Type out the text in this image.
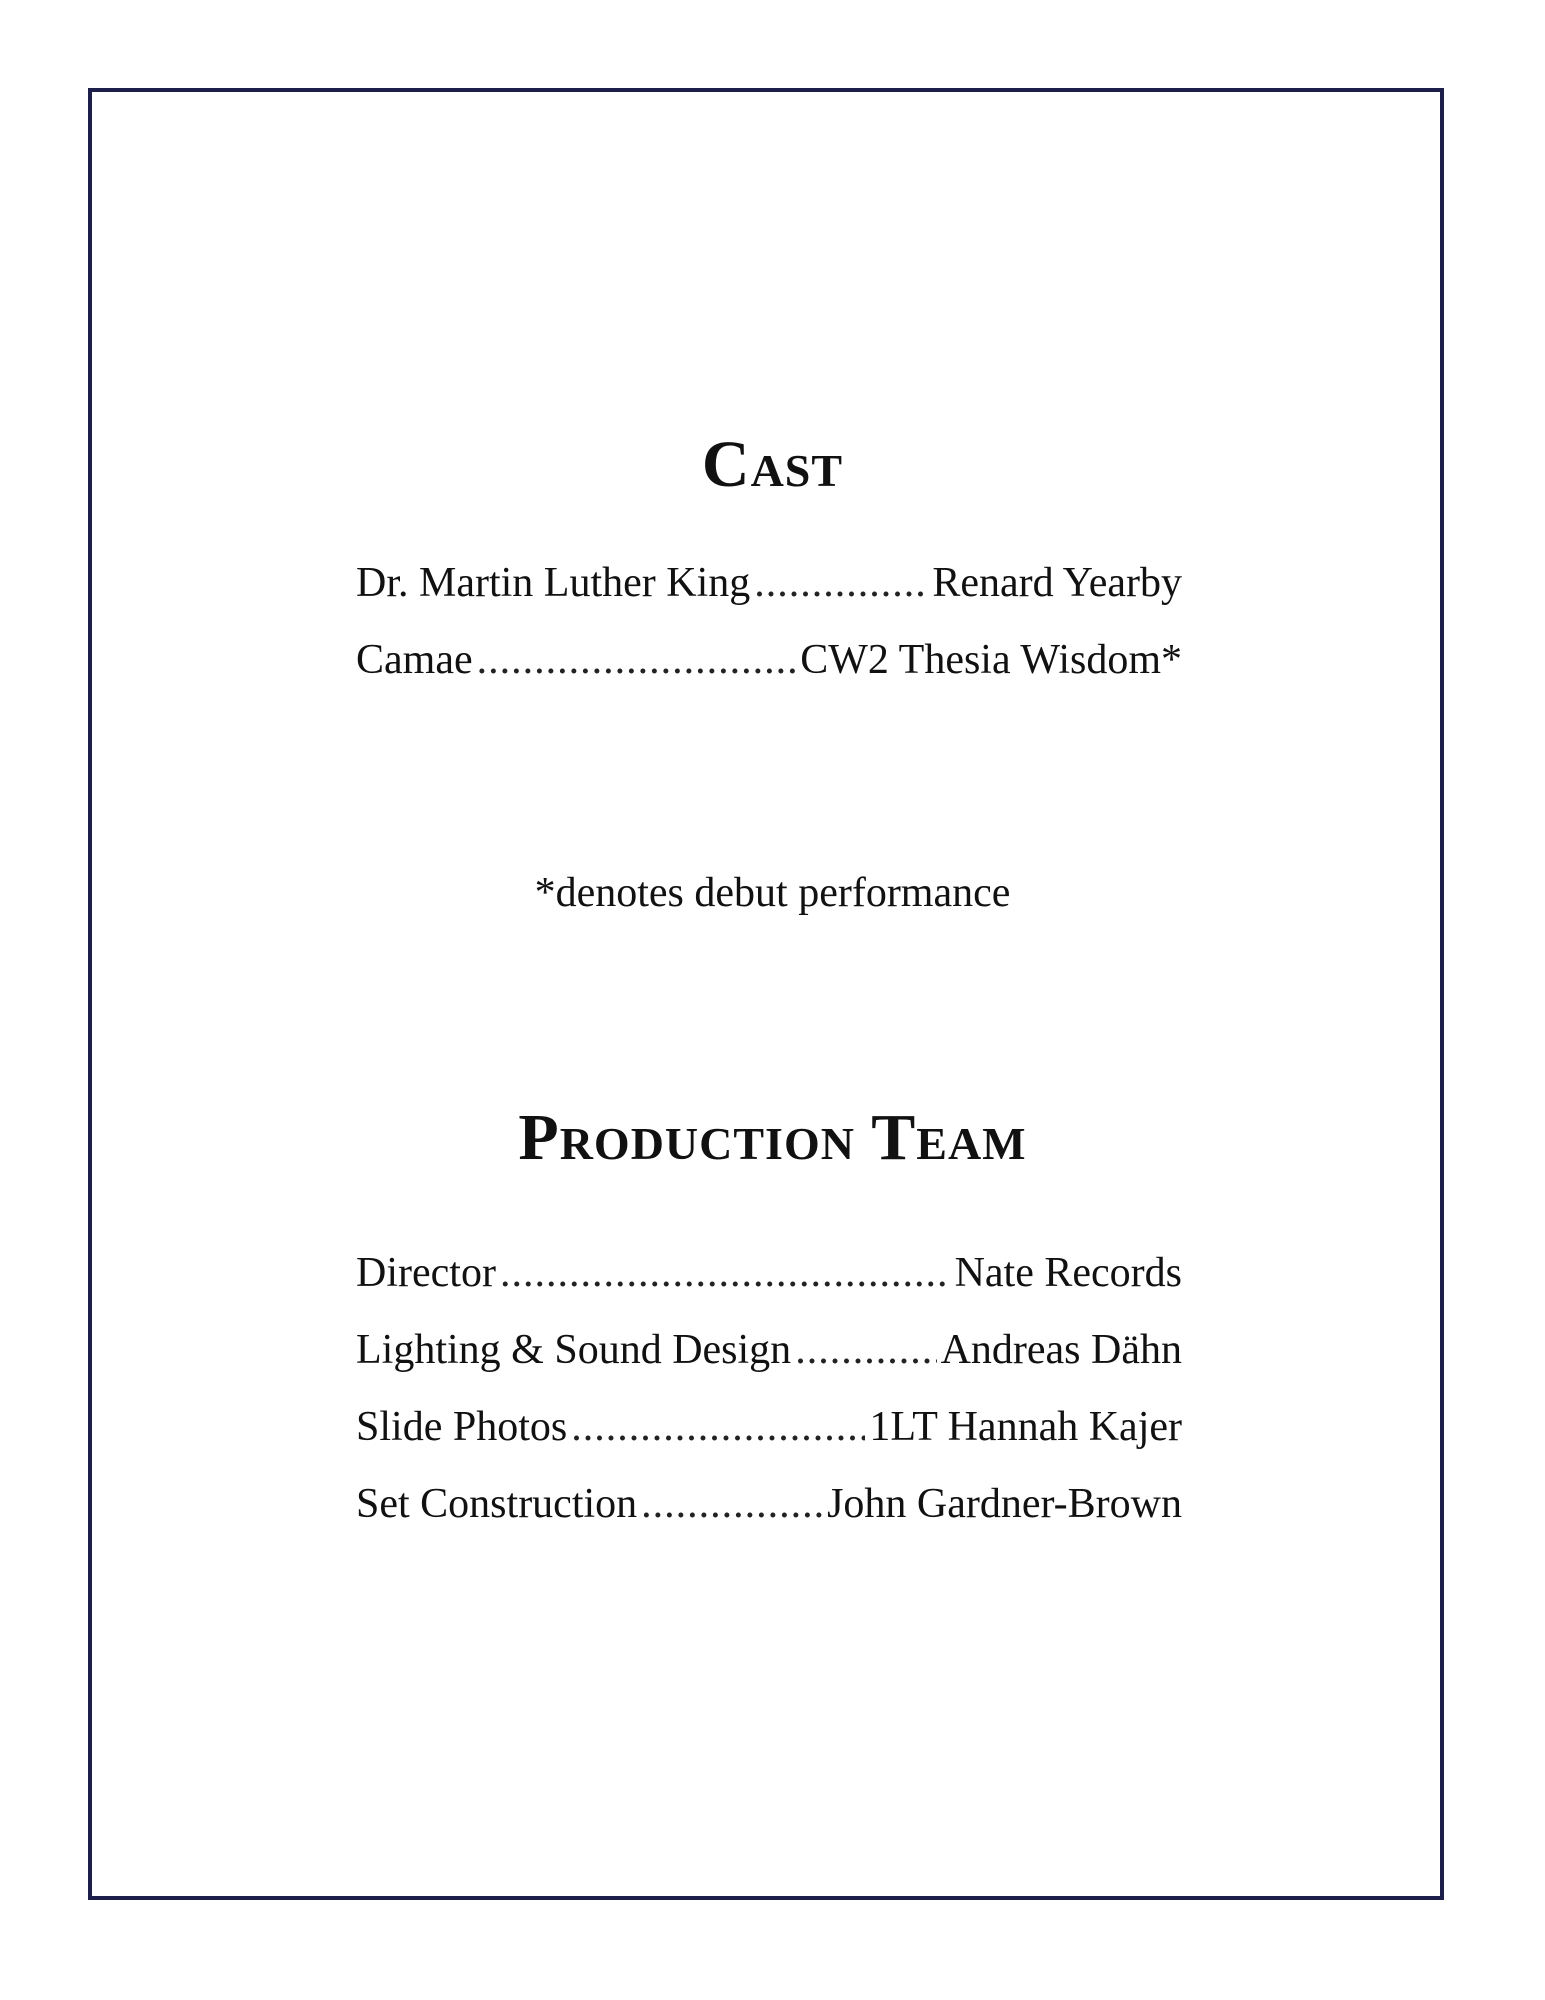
Cast
Dr. Martin Luther King .....	Renard Yearby
Camae .....	CW2 Thesia Wisdom*

*denotes debut performance

Production Team
Director .....	Nate Records
Lighting & Sound Design .....	Andreas Dähn
Slide Photos .....	1LT Hannah Kajer
Set Construction .....	John Gardner-Brown
